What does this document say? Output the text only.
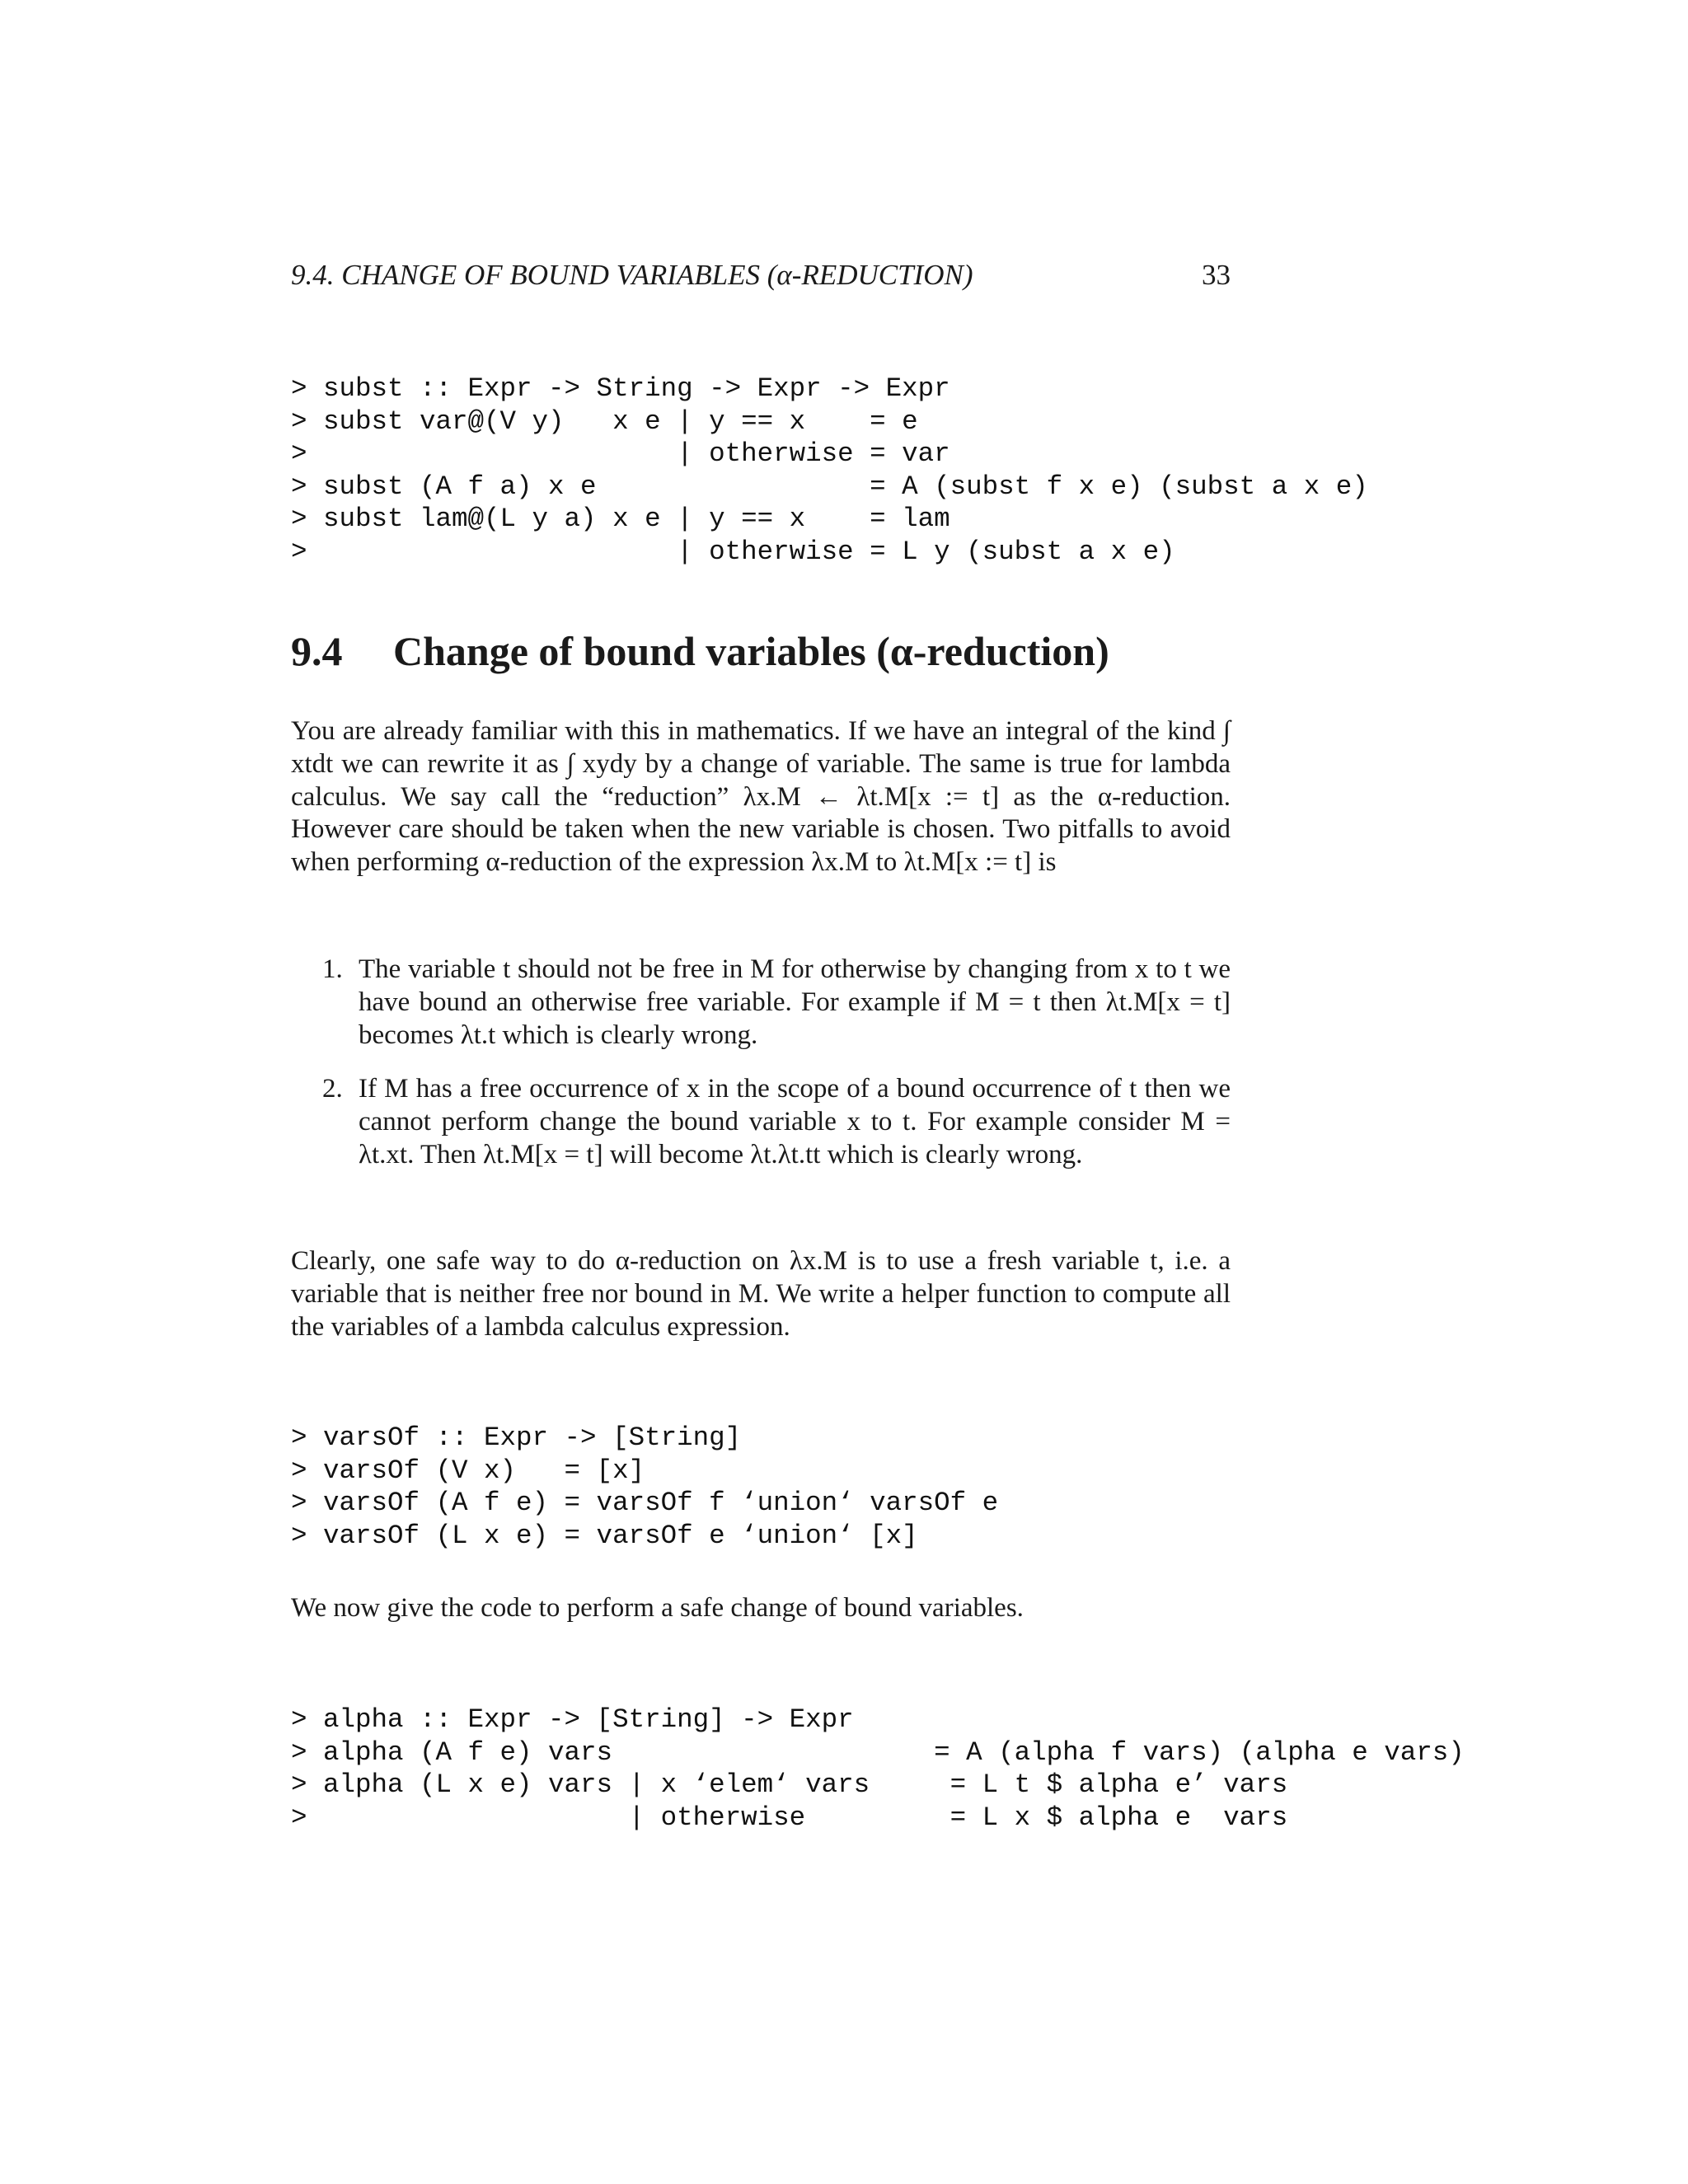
9.4. CHANGE OF BOUND VARIABLES (α-REDUCTION)	33
> subst :: Expr -> String -> Expr -> Expr
> subst var@(V y)   x e | y == x    = e
>                       | otherwise = var
> subst (A f a) x e                 = A (subst f x e) (subst a x e)
> subst lam@(L y a) x e | y == x    = lam
>                       | otherwise = L y (subst a x e)
9.4 Change of bound variables (α-reduction)

You are already familiar with this in mathematics. If we have an integral of the kind ∫ xtdt we can rewrite it as ∫ xydy by a change of variable. The same is true for lambda calculus. We say call the “reduction” λx.M ← λt.M[x := t] as the α-reduction. However care should be taken when the new variable is chosen. Two pitfalls to avoid when performing α-reduction of the expression λx.M to λt.M[x := t] is

1. The variable t should not be free in M for otherwise by changing from x to t we have bound an otherwise free variable. For example if M = t then λt.M[x = t] becomes λt.t which is clearly wrong.
2. If M has a free occurrence of x in the scope of a bound occurrence of t then we cannot perform change the bound variable x to t. For example consider M = λt.xt. Then λt.M[x = t] will become λt.λt.tt which is clearly wrong.

Clearly, one safe way to do α-reduction on λx.M is to use a fresh variable t, i.e. a variable that is neither free nor bound in M. We write a helper function to compute all the variables of a lambda calculus expression.

> varsOf :: Expr -> [String]
> varsOf (V x)   = [x]
> varsOf (A f e) = varsOf f ‘union‘ varsOf e
> varsOf (L x e) = varsOf e ‘union‘ [x]

We now give the code to perform a safe change of bound variables.

> alpha :: Expr -> [String] -> Expr
> alpha (A f e) vars                    = A (alpha f vars) (alpha e vars)
> alpha (L x e) vars | x ‘elem‘ vars     = L t $ alpha e’ vars
>                    | otherwise         = L x $ alpha e  vars
